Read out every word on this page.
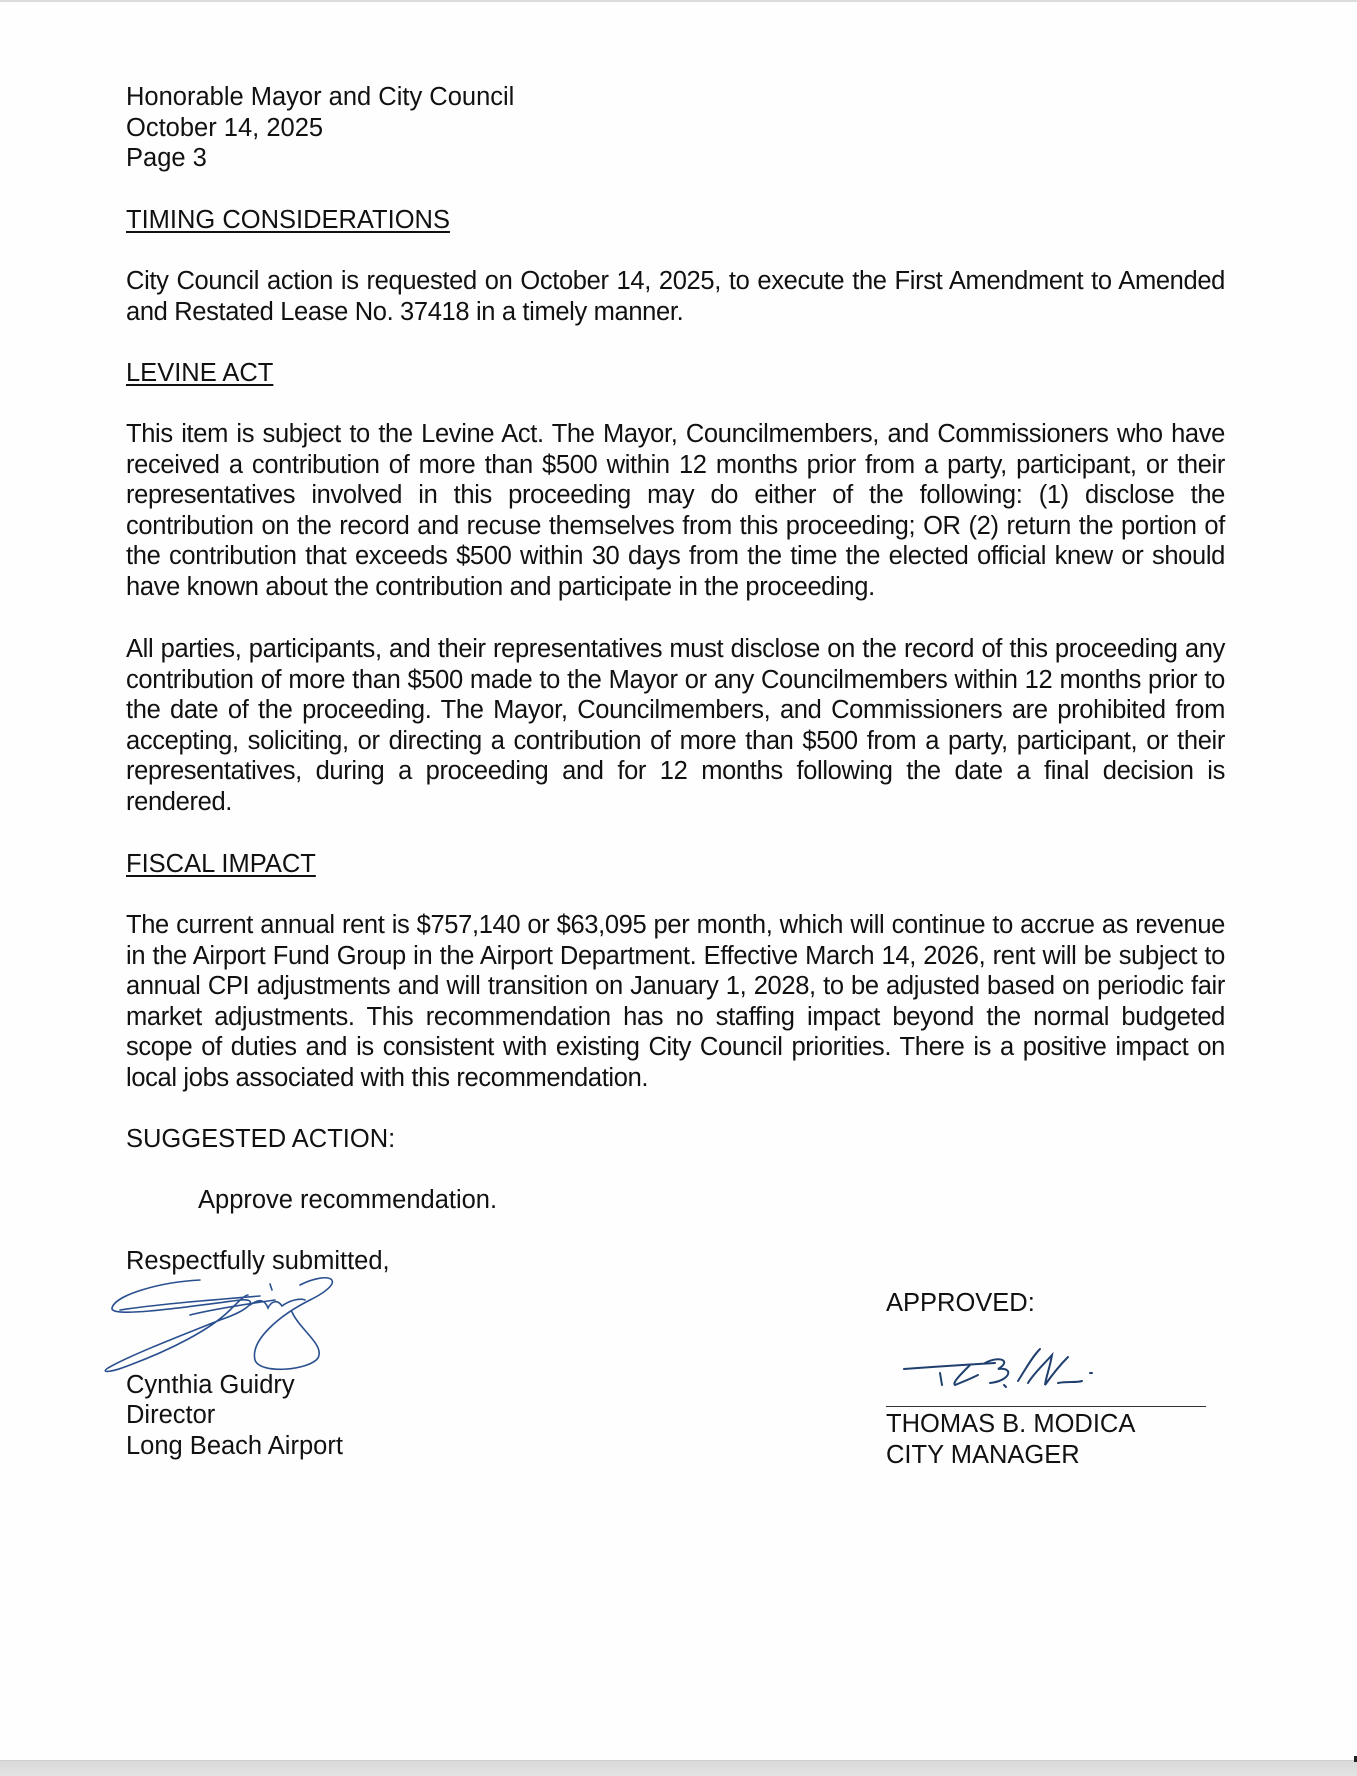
Honorable Mayor and City Council
October 14, 2025
Page 3
TIMING CONSIDERATIONS
City Council action is requested on October 14, 2025, to execute the First Amendment to Amended and Restated Lease No. 37418 in a timely manner.
LEVINE ACT
This item is subject to the Levine Act. The Mayor, Councilmembers, and Commissioners who have received a contribution of more than $500 within 12 months prior from a party, participant, or their representatives involved in this proceeding may do either of the following: (1) disclose the contribution on the record and recuse themselves from this proceeding; OR (2) return the portion of the contribution that exceeds $500 within 30 days from the time the elected official knew or should have known about the contribution and participate in the proceeding.
All parties, participants, and their representatives must disclose on the record of this proceeding any contribution of more than $500 made to the Mayor or any Councilmembers within 12 months prior to the date of the proceeding. The Mayor, Councilmembers, and Commissioners are prohibited from accepting, soliciting, or directing a contribution of more than $500 from a party, participant, or their representatives, during a proceeding and for 12 months following the date a final decision is rendered.
FISCAL IMPACT
The current annual rent is $757,140 or $63,095 per month, which will continue to accrue as revenue in the Airport Fund Group in the Airport Department. Effective March 14, 2026, rent will be subject to annual CPI adjustments and will transition on January 1, 2028, to be adjusted based on periodic fair market adjustments. This recommendation has no staffing impact beyond the normal budgeted scope of duties and is consistent with existing City Council priorities. There is a positive impact on local jobs associated with this recommendation.
SUGGESTED ACTION:
Approve recommendation.
Respectfully submitted,
Cynthia Guidry
Director
Long Beach Airport
APPROVED:
THOMAS B. MODICA
CITY MANAGER
